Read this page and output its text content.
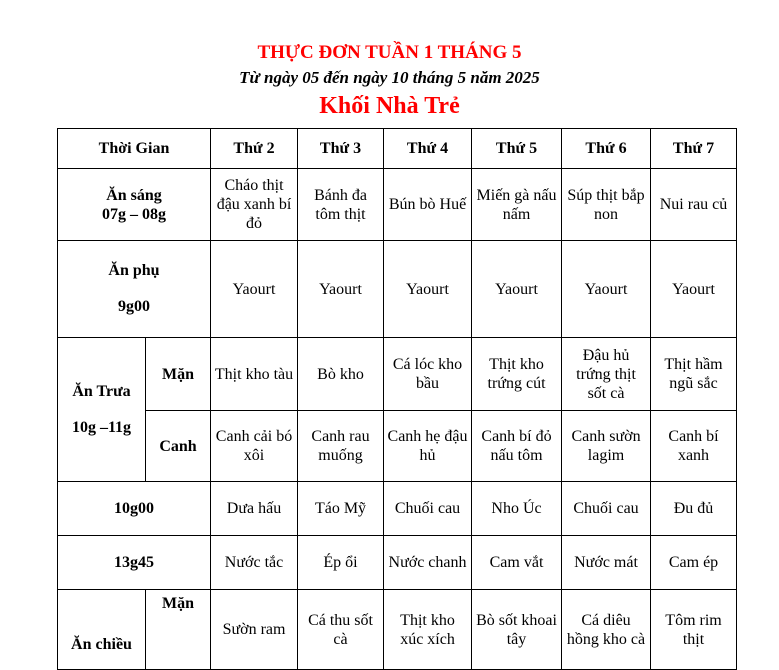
THỰC ĐƠN TUẦN 1 THÁNG 5
Từ ngày 05 đến ngày 10 tháng 5 năm 2025
Khối Nhà Trẻ
Thời Gian		Thứ 2	Thứ 3	Thứ 4	Thứ 5	Thứ 6	Thứ 7

Ăn sáng
07g – 08g		Cháo thịt đậu xanh bí đỏ	Bánh đa tôm thịt	Bún bò Huế	Miến gà nấu nấm	Súp thịt bắp non	Nui rau củ

Ăn phụ
9g00		Yaourt	Yaourt	Yaourt	Yaourt	Yaourt	Yaourt

Ăn Trưa
10g –11g	Mặn	Thịt kho tàu	Bò kho	Cá lóc kho bầu	Thịt kho trứng cút	Đậu hủ trứng thịt sốt cà	Thịt hầm ngũ sắc
	Canh	Canh cải bó xôi	Canh rau muống	Canh hẹ đậu hủ	Canh bí đỏ nấu tôm	Canh sườn lagim	Canh bí xanh
10g00		Dưa hấu	Táo Mỹ	Chuối cau	Nho Úc	Chuối cau	Đu đủ
13g45		Nước tắc	Ép ổi	Nước chanh	Cam vắt	Nước mát	Cam ép
Ăn chiều	Mặn	Sườn ram	Cá thu sốt cà	Thịt kho xúc xích	Bò sốt khoai tây	Cá diêu hồng kho cà	Tôm rim thịt
